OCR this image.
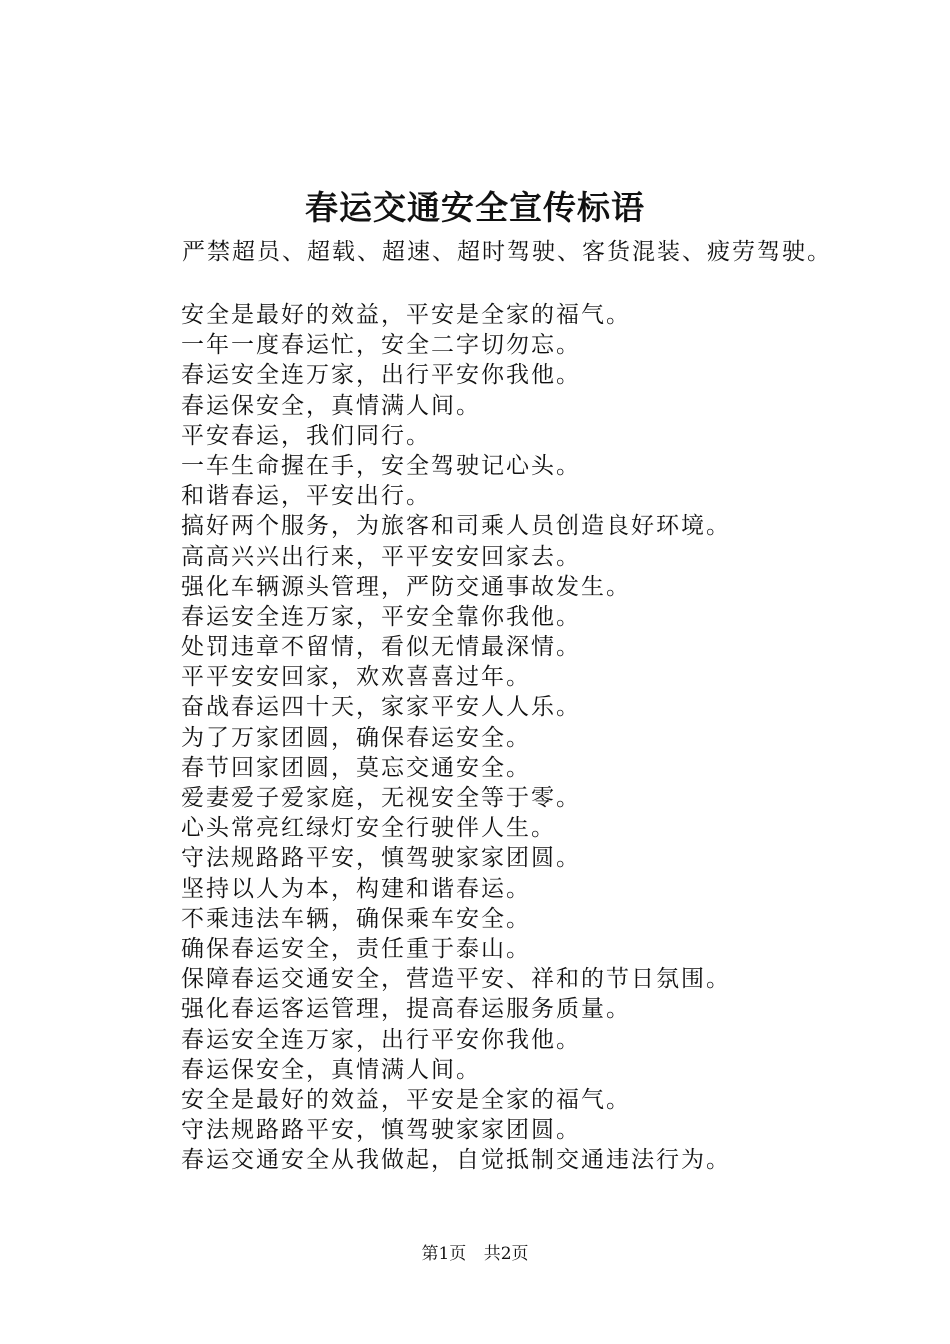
春运交通安全宣传标语

严禁超员、超载、超速、超时驾驶、客货混装、疲劳驾驶。

安全是最好的效益，平安是全家的福气。
一年一度春运忙，安全二字切勿忘。
春运安全连万家，出行平安你我他。
春运保安全，真情满人间。
平安春运，我们同行。
一车生命握在手，安全驾驶记心头。
和谐春运，平安出行。
搞好两个服务，为旅客和司乘人员创造良好环境。
高高兴兴出行来，平平安安回家去。
强化车辆源头管理，严防交通事故发生。
春运安全连万家，平安全靠你我他。
处罚违章不留情，看似无情最深情。
平平安安回家，欢欢喜喜过年。
奋战春运四十天，家家平安人人乐。
为了万家团圆，确保春运安全。
春节回家团圆，莫忘交通安全。
爱妻爱子爱家庭，无视安全等于零。
心头常亮红绿灯安全行驶伴人生。
守法规路路平安，慎驾驶家家团圆。
坚持以人为本，构建和谐春运。
不乘违法车辆，确保乘车安全。
确保春运安全，责任重于泰山。
保障春运交通安全，营造平安、祥和的节日氛围。
强化春运客运管理，提高春运服务质量。
春运安全连万家，出行平安你我他。
春运保安全，真情满人间。
安全是最好的效益，平安是全家的福气。
守法规路路平安，慎驾驶家家团圆。
春运交通安全从我做起，自觉抵制交通违法行为。
第1页 共2页
